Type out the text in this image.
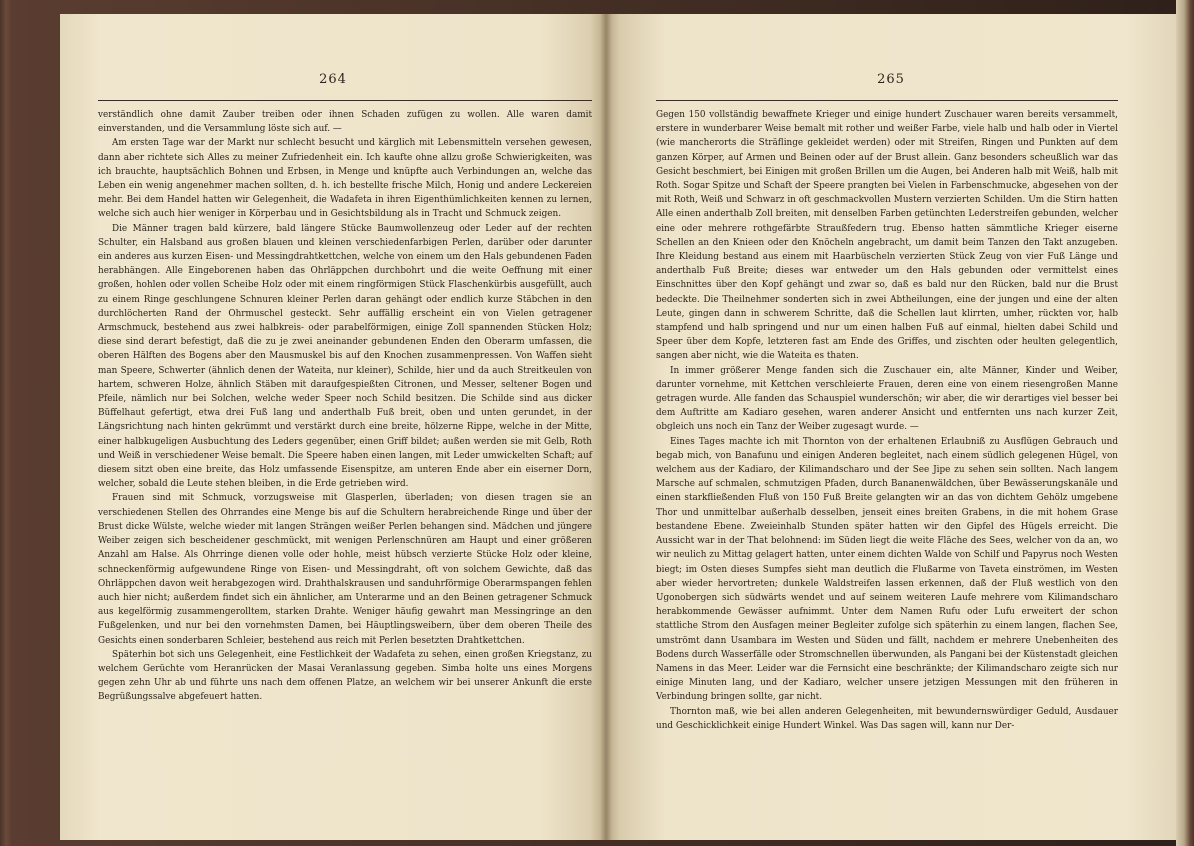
264

verständlich ohne damit Zauber treiben oder ihnen Schaden zufügen zu wollen. Alle waren damit einverstanden, und die Versammlung löste sich auf. —

Am ersten Tage war der Markt nur schlecht besucht und kärglich mit Lebensmitteln versehen gewesen, dann aber richtete sich Alles zu meiner Zufriedenheit ein. Ich kaufte ohne allzu große Schwierigkeiten, was ich brauchte, hauptsächlich Bohnen und Erbsen, in Menge und knüpfte auch Verbindungen an, welche das Leben ein wenig angenehmer machen sollten, d. h. ich bestellte frische Milch, Honig und andere Leckereien mehr. Bei dem Handel hatten wir Gelegenheit, die Wadafeta in ihren Eigenthümlichkeiten kennen zu lernen, welche sich auch hier weniger in Körperbau und in Gesichtsbildung als in Tracht und Schmuck zeigen.

Die Männer tragen bald kürzere, bald längere Stücke Baumwollenzeug oder Leder auf der rechten Schulter, ein Halsband aus großen blauen und kleinen verschiedenfarbigen Perlen, darüber oder darunter ein anderes aus kurzen Eisen- und Messingdrahtkettchen, welche von einem um den Hals gebundenen Faden herabhängen. Alle Eingeborenen haben das Ohrläppchen durchbohrt und die weite Oeffnung mit einer großen, hohlen oder vollen Scheibe Holz oder mit einem ringförmigen Stück Flaschenkürbis ausgefüllt, auch zu einem Ringe geschlungene Schnuren kleiner Perlen daran gehängt oder endlich kurze Stäbchen in den durchlöcherten Rand der Ohrmuschel gesteckt. Sehr auffällig erscheint ein von Vielen getragener Armschmuck, bestehend aus zwei halbkreis- oder parabelförmigen, einige Zoll spannenden Stücken Holz; diese sind derart befestigt, daß die zu je zwei aneinander gebundenen Enden den Oberarm umfassen, die oberen Hälften des Bogens aber den Mausmuskel bis auf den Knochen zusammenpressen. Von Waffen sieht man Speere, Schwerter (ähnlich denen der Wateita, nur kleiner), Schilde, hier und da auch Streitkeulen von hartem, schweren Holze, ähnlich Stäben mit daraufgespießten Citronen, und Messer, seltener Bogen und Pfeile, nämlich nur bei Solchen, welche weder Speer noch Schild besitzen. Die Schilde sind aus dicker Büffelhaut gefertigt, etwa drei Fuß lang und anderthalb Fuß breit, oben und unten gerundet, in der Längsrichtung nach hinten gekrümmt und verstärkt durch eine breite, hölzerne Rippe, welche in der Mitte, einer halbkugeligen Ausbuchtung des Leders gegenüber, einen Griff bildet; außen werden sie mit Gelb, Roth und Weiß in verschiedener Weise bemalt. Die Speere haben einen langen, mit Leder umwickelten Schaft; auf diesem sitzt oben eine breite, das Holz umfassende Eisenspitze, am unteren Ende aber ein eiserner Dorn, welcher, sobald die Leute stehen bleiben, in die Erde getrieben wird.

Frauen sind mit Schmuck, vorzugsweise mit Glasperlen, überladen; von diesen tragen sie an verschiedenen Stellen des Ohrrandes eine Menge bis auf die Schultern herabreichende Ringe und über der Brust dicke Wülste, welche wieder mit langen Strängen weißer Perlen behangen sind. Mädchen und jüngere Weiber zeigen sich bescheidener geschmückt, mit wenigen Perlenschnüren am Haupt und einer größeren Anzahl am Halse. Als Ohrringe dienen volle oder hohle, meist hübsch verzierte Stücke Holz oder kleine, schneckenförmig aufgewundene Ringe von Eisen- und Messingdraht, oft von solchem Gewichte, daß das Ohrläppchen davon weit herabgezogen wird. Drahthalskrausen und sanduhrförmige Oberarmspangen fehlen auch hier nicht; außerdem findet sich ein ähnlicher, am Unterarme und an den Beinen getragener Schmuck aus kegelförmig zusammengerolltem, starken Drahte. Weniger häufig gewahrt man Messingringe an den Fußgelenken, und nur bei den vornehmsten Damen, bei Häuptlingsweibern, über dem oberen Theile des Gesichts einen sonderbaren Schleier, bestehend aus reich mit Perlen besetzten Drahtkettchen.

Späterhin bot sich uns Gelegenheit, eine Festlichkeit der Wadafeta zu sehen, einen großen Kriegstanz, zu welchem Gerüchte vom Heranrücken der Masai Veranlassung gegeben. Simba holte uns eines Morgens gegen zehn Uhr ab und führte uns nach dem offenen Platze, an welchem wir bei unserer Ankunft die erste Begrüßungssalve abgefeuert hatten.

265

Gegen 150 vollständig bewaffnete Krieger und einige hundert Zuschauer waren bereits versammelt, erstere in wunderbarer Weise bemalt mit rother und weißer Farbe, viele halb und halb oder in Viertel (wie mancherorts die Sträflinge gekleidet werden) oder mit Streifen, Ringen und Punkten auf dem ganzen Körper, auf Armen und Beinen oder auf der Brust allein. Ganz besonders scheußlich war das Gesicht beschmiert, bei Einigen mit großen Brillen um die Augen, bei Anderen halb mit Weiß, halb mit Roth. Sogar Spitze und Schaft der Speere prangten bei Vielen in Farbenschmucke, abgesehen von der mit Roth, Weiß und Schwarz in oft geschmackvollen Mustern verzierten Schilden. Um die Stirn hatten Alle einen anderthalb Zoll breiten, mit denselben Farben getünchten Lederstreifen gebunden, welcher eine oder mehrere rothgefärbte Straußfedern trug. Ebenso hatten sämmtliche Krieger eiserne Schellen an den Knieen oder den Knöcheln angebracht, um damit beim Tanzen den Takt anzugeben. Ihre Kleidung bestand aus einem mit Haarbüscheln verzierten Stück Zeug von vier Fuß Länge und anderthalb Fuß Breite; dieses war entweder um den Hals gebunden oder vermittelst eines Einschnittes über den Kopf gehängt und zwar so, daß es bald nur den Rücken, bald nur die Brust bedeckte. Die Theilnehmer sonderten sich in zwei Abtheilungen, eine der jungen und eine der alten Leute, gingen dann in schwerem Schritte, daß die Schellen laut klirrten, umher, rückten vor, halb stampfend und halb springend und nur um einen halben Fuß auf einmal, hielten dabei Schild und Speer über dem Kopfe, letzteren fast am Ende des Griffes, und zischten oder heulten gelegentlich, sangen aber nicht, wie die Wateita es thaten.

In immer größerer Menge fanden sich die Zuschauer ein, alte Männer, Kinder und Weiber, darunter vornehme, mit Kettchen verschleierte Frauen, deren eine von einem riesengroßen Manne getragen wurde. Alle fanden das Schauspiel wunderschön; wir aber, die wir derartiges viel besser bei dem Auftritte am Kadiaro gesehen, waren anderer Ansicht und entfernten uns nach kurzer Zeit, obgleich uns noch ein Tanz der Weiber zugesagt wurde. —

Eines Tages machte ich mit Thornton von der erhaltenen Erlaubniß zu Ausflügen Gebrauch und begab mich, von Banafunu und einigen Anderen begleitet, nach einem südlich gelegenen Hügel, von welchem aus der Kadiaro, der Kilimandscharo und der See Jipe zu sehen sein sollten. Nach langem Marsche auf schmalen, schmutzigen Pfaden, durch Bananenwäldchen, über Bewässerungskanäle und einen starkfließenden Fluß von 150 Fuß Breite gelangten wir an das von dichtem Gehölz umgebene Thor und unmittelbar außerhalb desselben, jenseit eines breiten Grabens, in die mit hohem Grase bestandene Ebene. Zweieinhalb Stunden später hatten wir den Gipfel des Hügels erreicht. Die Aussicht war in der That belohnend: im Süden liegt die weite Fläche des Sees, welcher von da an, wo wir neulich zu Mittag gelagert hatten, unter einem dichten Walde von Schilf und Papyrus noch Westen biegt; im Osten dieses Sumpfes sieht man deutlich die Flußarme von Taveta einströmen, im Westen aber wieder hervortreten; dunkele Waldstreifen lassen erkennen, daß der Fluß westlich von den Ugonobergen sich südwärts wendet und auf seinem weiteren Laufe mehrere vom Kilimandscharo herabkommende Gewässer aufnimmt. Unter dem Namen Rufu oder Lufu erweitert der schon stattliche Strom den Ausfagen meiner Begleiter zufolge sich späterhin zu einem langen, flachen See, umströmt dann Usambara im Westen und Süden und fällt, nachdem er mehrere Unebenheiten des Bodens durch Wasserfälle oder Stromschnellen überwunden, als Pangani bei der Küstenstadt gleichen Namens in das Meer. Leider war die Fernsicht eine beschränkte; der Kilimandscharo zeigte sich nur einige Minuten lang, und der Kadiaro, welcher unsere jetzigen Messungen mit den früheren in Verbindung bringen sollte, gar nicht.

Thornton maß, wie bei allen anderen Gelegenheiten, mit bewundernswürdiger Geduld, Ausdauer und Geschicklichkeit einige Hundert Winkel. Was Das sagen will, kann nur Der-
